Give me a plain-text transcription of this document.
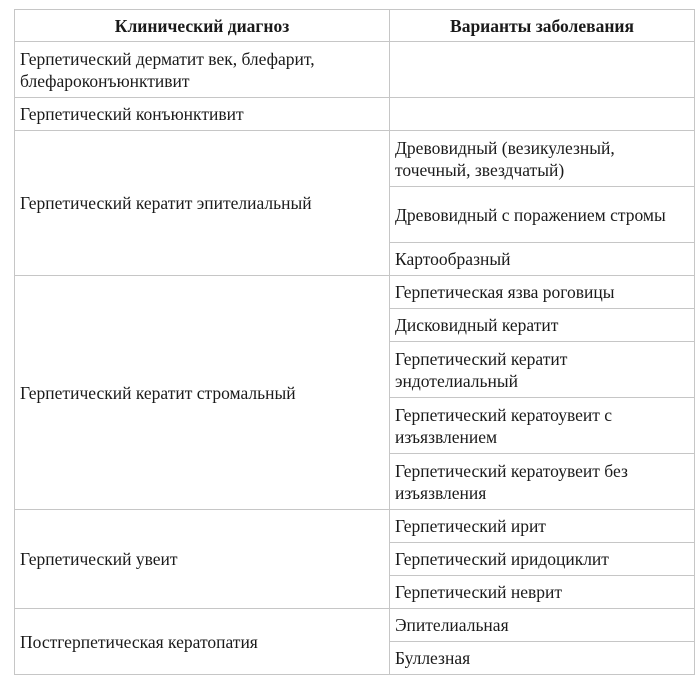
Клинический диагноз	Варианты заболевания
Герпетический дерматит век, блефарит, блефароконъюнктивит	
Герпетический конъюнктивит	
Герпетический кератит эпителиальный	Древовидный (везикулезный, точечный, звездчатый)
	Древовидный с поражением стромы
	Картообразный
Герпетический кератит стромальный	Герпетическая язва роговицы
	Дисковидный кератит
	Герпетический кератит эндотелиальный
	Герпетический кератоувеит с изъязвлением
	Герпетический кератоувеит без изъязвления
Герпетический увеит	Герпетический ирит
	Герпетический иридоциклит
	Герпетический неврит
Постгерпетическая кератопатия	Эпителиальная
	Буллезная
